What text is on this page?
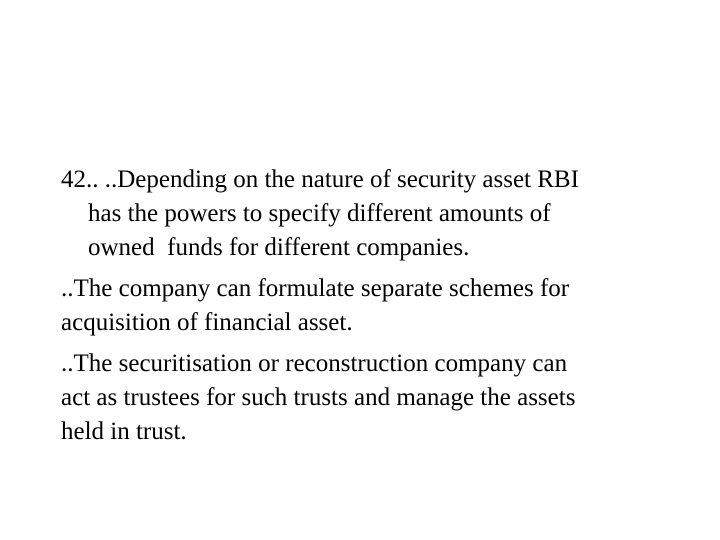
42.. ..Depending on the nature of security asset RBI
has the powers to specify different amounts of
owned  funds for different companies.
..The company can formulate separate schemes for
acquisition of financial asset.
..The securitisation or reconstruction company can
act as trustees for such trusts and manage the assets
held in trust.
